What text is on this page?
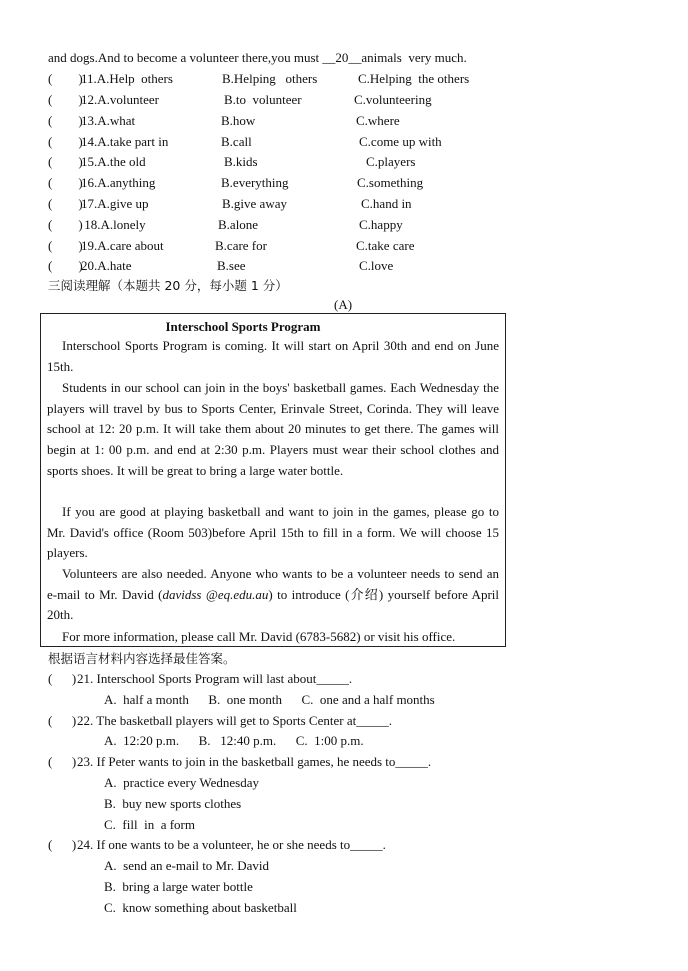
and dogs.And to become a volunteer there,you must __20__animals  very much.
(        )
11.A.Help  others	B.Helping   others	C.Helping  the others
(        )
12.A.volunteer	B.to  volunteer	C.volunteering
(        )
13.A.what	B.how	C.where
(        )
14.A.take part in	B.call	C.come up with
(        )
15.A.the old	B.kids	C.players
(        )
16.A.anything	B.everything	C.something
(        )
17.A.give up	B.give away	C.hand in
(        )
18.A.lonely	B.alone	C.happy
(        )
19.A.care about	B.care for	C.take care
(        )
20.A.hate	B.see	C.love
三阅读理解（本题共 20 分，每小题 1 分）
(A)
Interschool Sports Program
Interschool Sports Program is coming. It will start on April 30th and end on June 15th.
Students in our school can join in the boys' basketball games. Each Wednesday the players will travel by bus to Sports Center, Erinvale Street, Corinda. They will leave school at 12: 20 p.m. It will take them about 20 minutes to get there. The games will begin at 1: 00 p.m. and end at 2:30 p.m. Players must wear their school clothes and sports shoes. It will be great to bring a large water bottle.
If you are good at playing basketball and want to join in the games, please go to Mr. David's office (Room 503)before April 15th to fill in a form. We will choose 15 players.
Volunteers are also needed. Anyone who wants to be a volunteer needs to send an e-mail to Mr. David (davidss @eq.edu.au) to introduce (介绍) yourself before April 20th.
For more information, please call Mr. David (6783-5682) or visit his office.
根据语言材料内容选择最佳答案。
(      ) 21. Interschool Sports Program will last about_____.
A.  half a month      B.  one month      C.  one and a half months
(      ) 22. The basketball players will get to Sports Center at_____.
A.  12:20 p.m.      B.   12:40 p.m.      C.  1:00 p.m.
(      ) 23. If Peter wants to join in the basketball games, he needs to_____.
A.  practice every Wednesday
B.  buy new sports clothes
C.  fill  in  a form
(      ) 24. If one wants to be a volunteer, he or she needs to_____.
A.  send an e-mail to Mr. David
B.  bring a large water bottle
C.  know something about basketball
